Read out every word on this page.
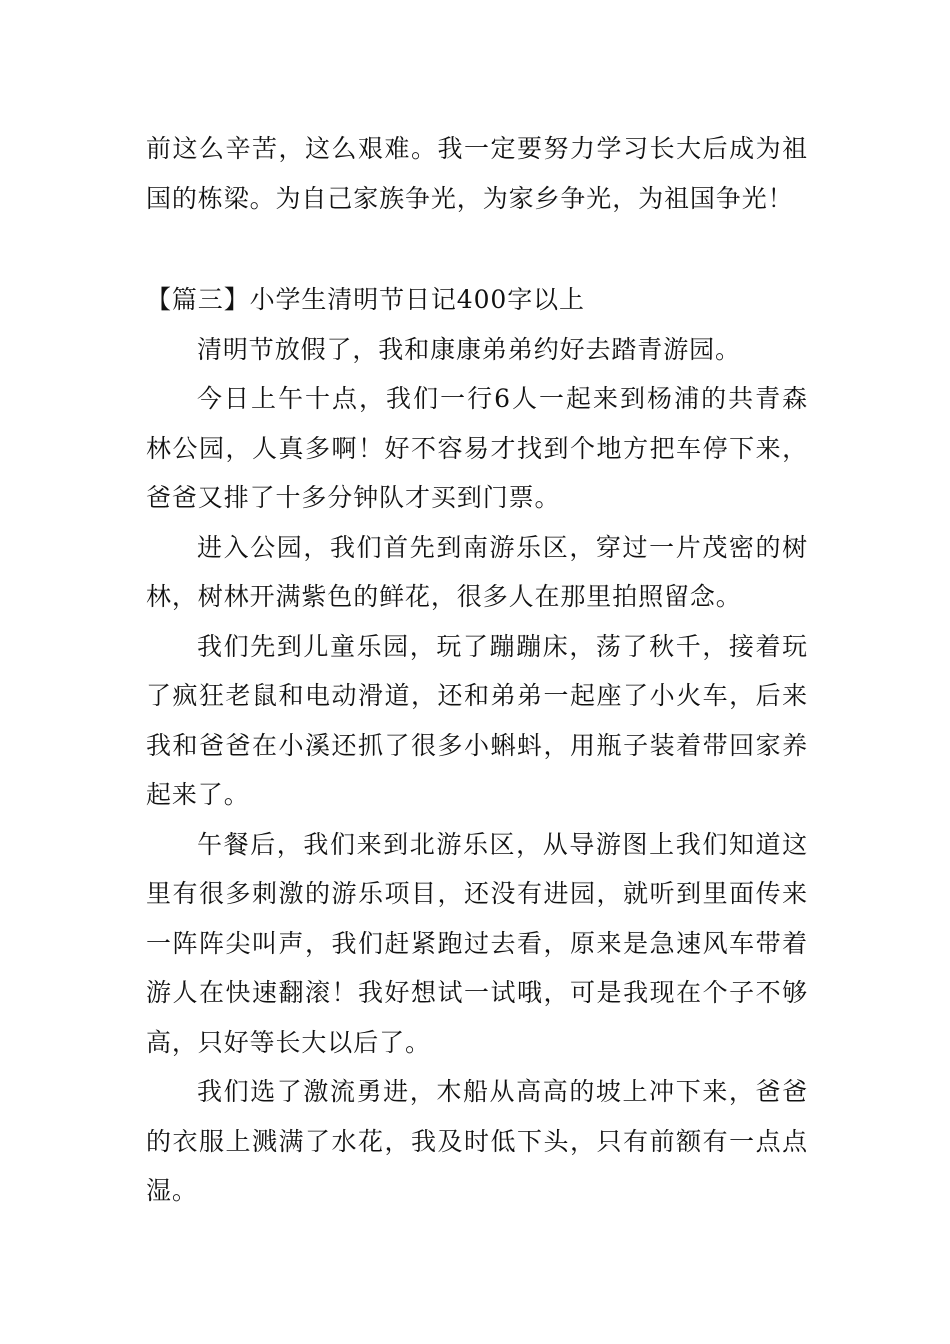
前这么辛苦，这么艰难。我一定要努力学习长大后成为祖国的栋梁。为自己家族争光，为家乡争光，为祖国争光！

【篇三】小学生清明节日记400字以上

清明节放假了，我和康康弟弟约好去踏青游园。

今日上午十点，我们一行6人一起来到杨浦的共青森林公园，人真多啊！好不容易才找到个地方把车停下来，爸爸又排了十多分钟队才买到门票。

进入公园，我们首先到南游乐区，穿过一片茂密的树林，树林开满紫色的鲜花，很多人在那里拍照留念。

我们先到儿童乐园，玩了蹦蹦床，荡了秋千，接着玩了疯狂老鼠和电动滑道，还和弟弟一起座了小火车，后来我和爸爸在小溪还抓了很多小蝌蚪，用瓶子装着带回家养起来了。

午餐后，我们来到北游乐区，从导游图上我们知道这里有很多刺激的游乐项目，还没有进园，就听到里面传来一阵阵尖叫声，我们赶紧跑过去看，原来是急速风车带着游人在快速翻滚！我好想试一试哦，可是我现在个子不够高，只好等长大以后了。

我们选了激流勇进，木船从高高的坡上冲下来，爸爸的衣服上溅满了水花，我及时低下头，只有前额有一点点湿。
